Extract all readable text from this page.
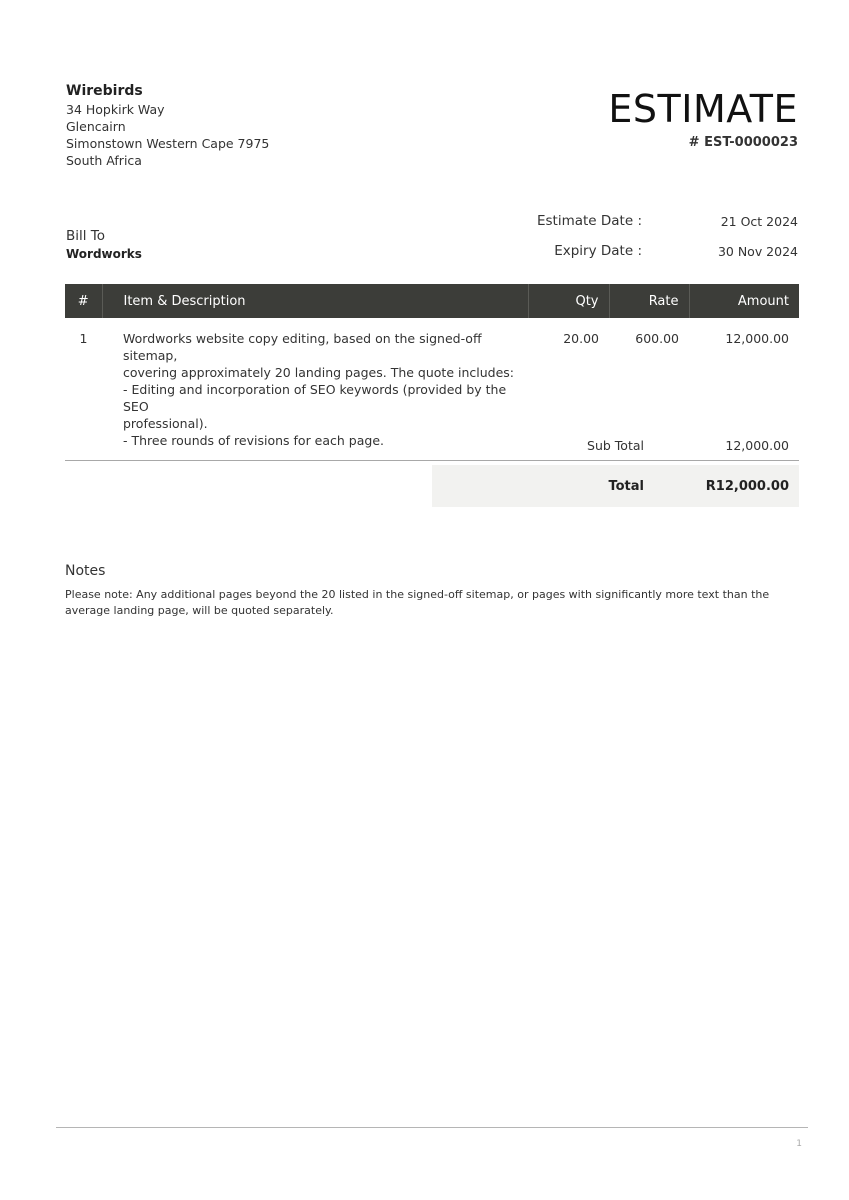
Wirebirds
34 Hopkirk Way
Glencairn
Simonstown Western Cape 7975
South Africa
ESTIMATE
# EST-0000023
Bill To
Wordworks
Estimate Date :	21 Oct 2024
Expiry Date :	30 Nov 2024
#	Item & Description	Qty	Rate	Amount
1	Wordworks website copy editing, based on the signed-off sitemap,
covering approximately 20 landing pages. The quote includes:
- Editing and incorporation of SEO keywords (provided by the SEO
professional).
- Three rounds of revisions for each page.	20.00	600.00	12,000.00
Sub Total	12,000.00
Total	R12,000.00
Notes
Please note: Any additional pages beyond the 20 listed in the signed-off sitemap, or pages with significantly more text than the average landing page, will be quoted separately.
1
